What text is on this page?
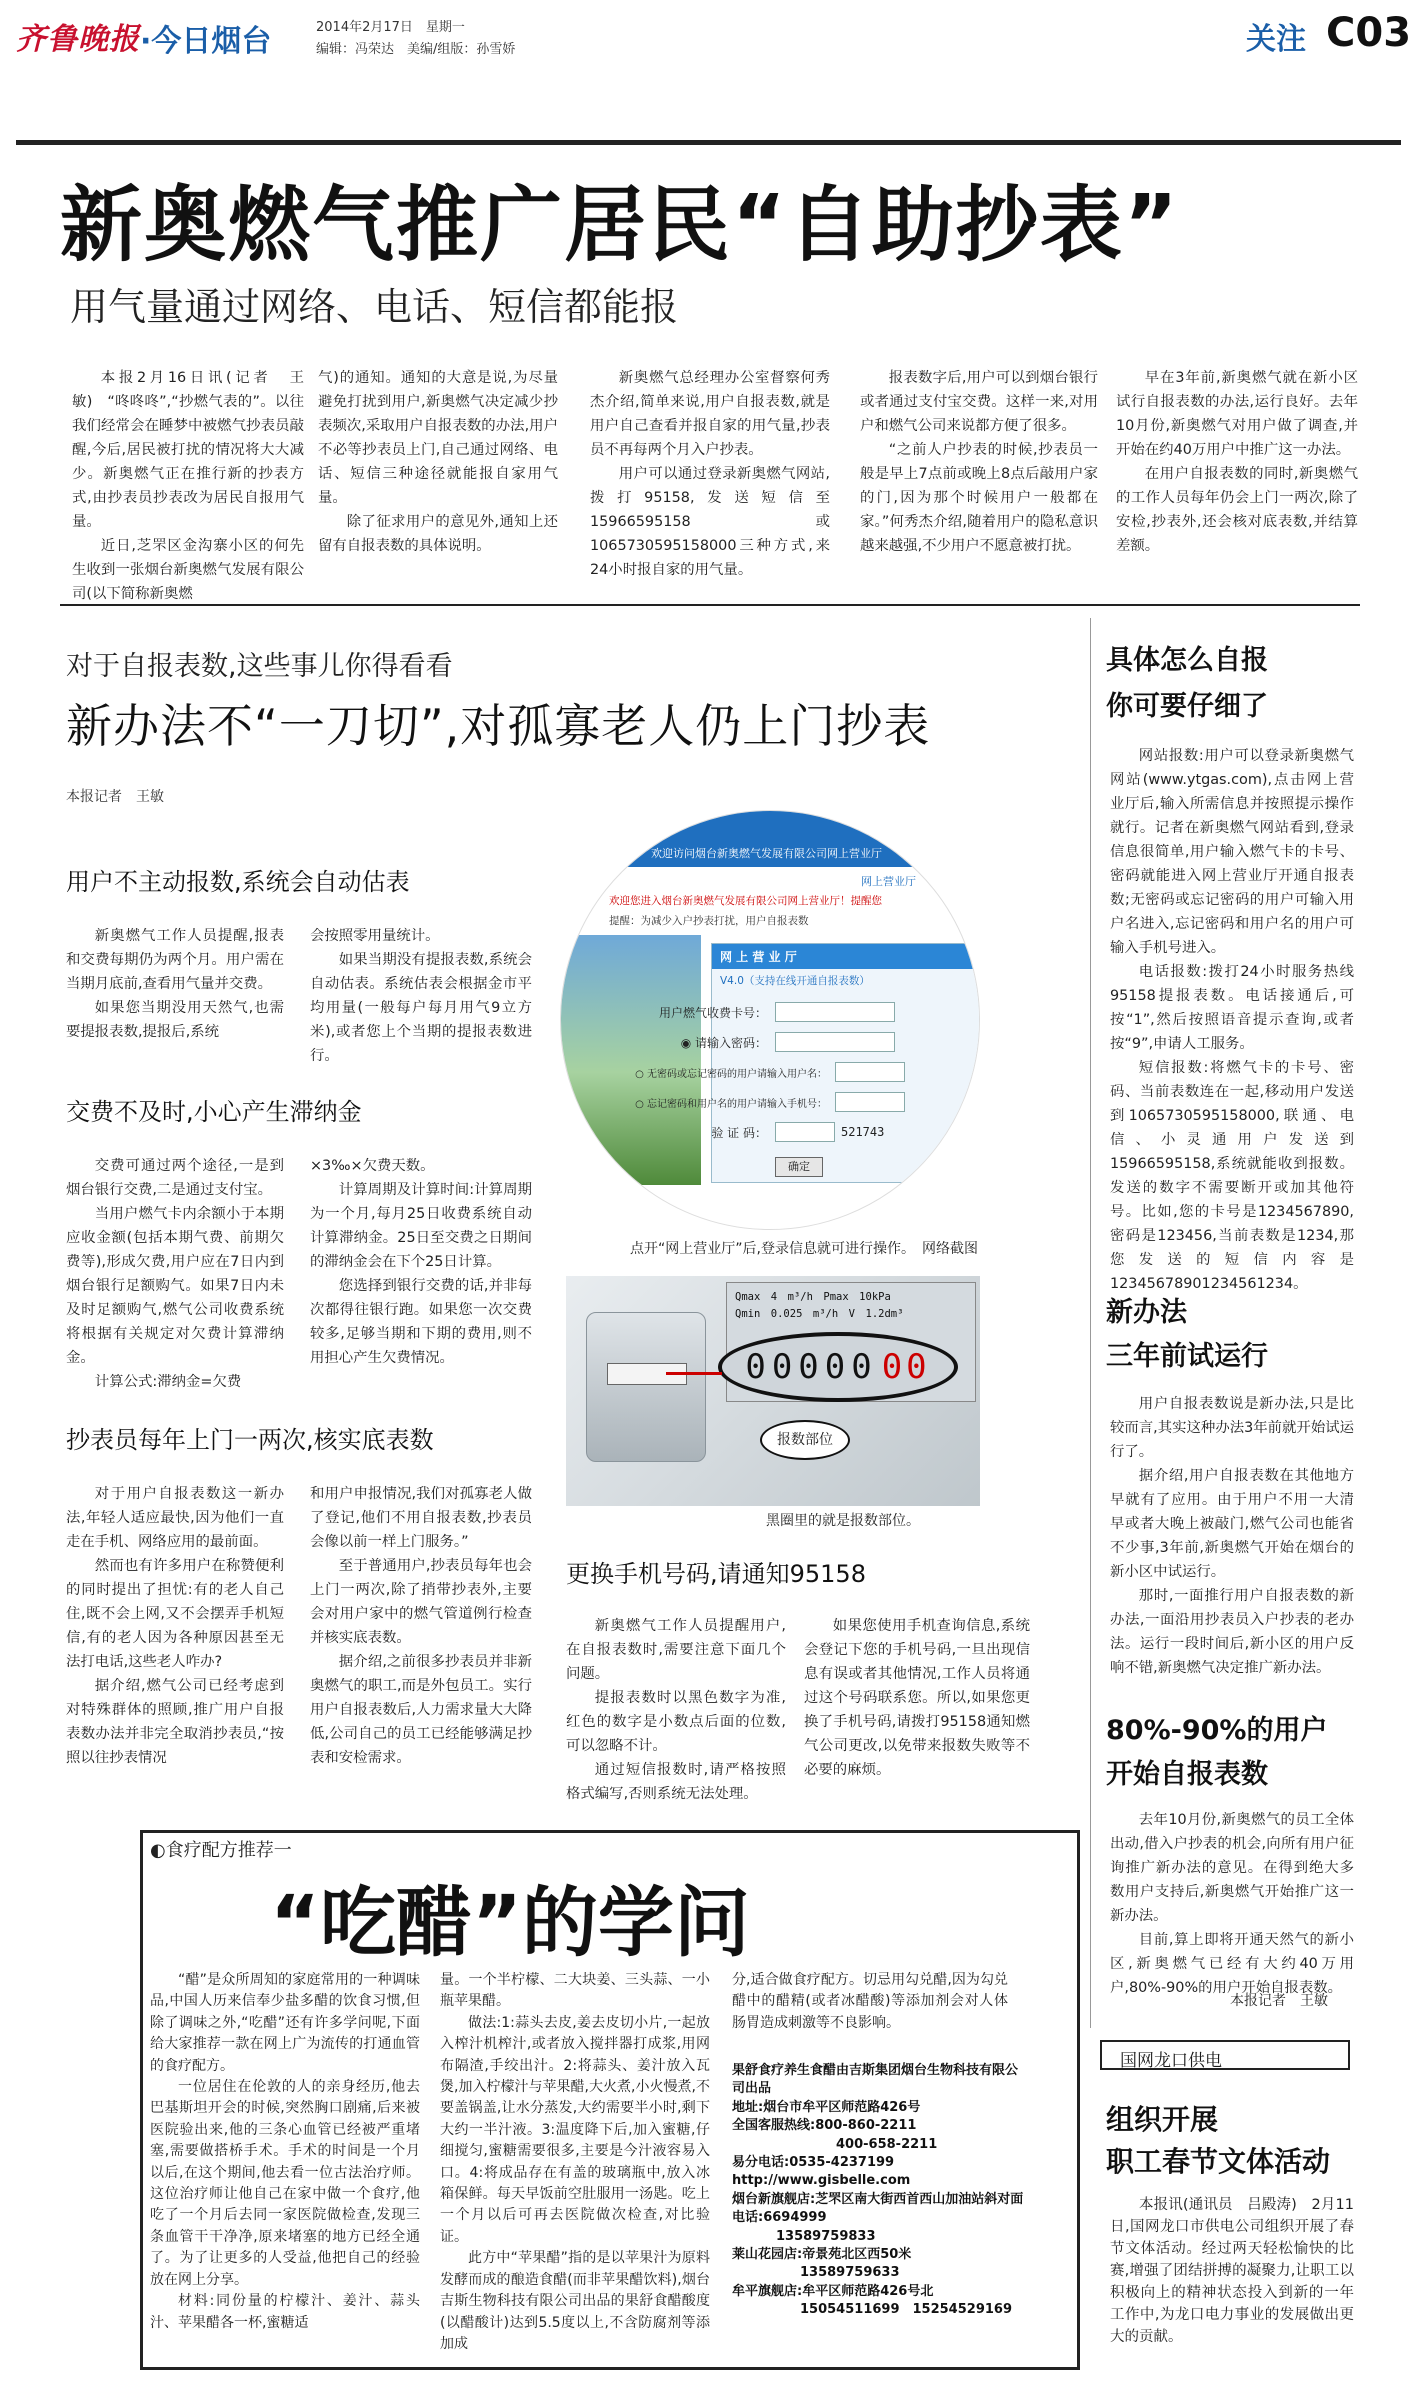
齐鲁晚报 ·今日烟台	2014年2月17日　星期一
编辑：冯荣达　美编/组版：孙雪娇	关注 C03
新奥燃气推广居民“自助抄表”
用气量通过网络、电话、短信都能报

本报2月16日讯(记者　王敏)　“咚咚咚”,“抄燃气表的”。以往我们经常会在睡梦中被燃气抄表员敲醒,今后,居民被打扰的情况将大大减少。新奥燃气正在推行新的抄表方式,由抄表员抄表改为居民自报用气量。

近日,芝罘区金沟寨小区的何先生收到一张烟台新奥燃气发展有限公司(以下简称新奥燃

气)的通知。通知的大意是说,为尽量避免打扰到用户,新奥燃气决定减少抄表频次,采取用户自报表数的办法,用户不必等抄表员上门,自己通过网络、电话、短信三种途径就能报自家用气量。

除了征求用户的意见外,通知上还留有自报表数的具体说明。

新奥燃气总经理办公室督察何秀杰介绍,简单来说,用户自报表数,就是用户自己查看并报自家的用气量,抄表员不再每两个月入户抄表。

用户可以通过登录新奥燃气网站,拨打95158,发送短信至15966595158或1065730595158000三种方式,来24小时报自家的用气量。

报表数字后,用户可以到烟台银行或者通过支付宝交费。这样一来,对用户和燃气公司来说都方便了很多。

“之前人户抄表的时候,抄表员一般是早上7点前或晚上8点后敲用户家的门,因为那个时候用户一般都在家。”何秀杰介绍,随着用户的隐私意识越来越强,不少用户不愿意被打扰。

早在3年前,新奥燃气就在新小区试行自报表数的办法,运行良好。去年10月份,新奥燃气对用户做了调查,并开始在约40万用户中推广这一办法。

在用户自报表数的同时,新奥燃气的工作人员每年仍会上门一两次,除了安检,抄表外,还会核对底表数,并结算差额。

对于自报表数,这些事儿你得看看
新办法不“一刀切”,对孤寡老人仍上门抄表
本报记者　王敏
用户不主动报数,系统会自动估表

新奥燃气工作人员提醒,报表和交费每期仍为两个月。用户需在当期月底前,查看用气量并交费。

如果您当期没用天然气,也需要提报表数,提报后,系统

会按照零用量统计。

如果当期没有提报表数,系统会自动估表。系统估表会根据金市平均用量(一般每户每月用气9立方米),或者您上个当期的提报表数进行。

交费不及时,小心产生滞纳金

交费可通过两个途径,一是到烟台银行交费,二是通过支付宝。

当用户燃气卡内余额小于本期应收金额(包括本期气费、前期欠费等),形成欠费,用户应在7日内到烟台银行足额购气。如果7日内未及时足额购气,燃气公司收费系统将根据有关规定对欠费计算滞纳金。

计算公式:滞纳金=欠费

×3‰×欠费天数。

计算周期及计算时间:计算周期为一个月,每月25日收费系统自动计算滞纳金。25日至交费之日期间的滞纳金会在下个25日计算。

您选择到银行交费的话,并非每次都得往银行跑。如果您一次交费较多,足够当期和下期的费用,则不用担心产生欠费情况。

抄表员每年上门一两次,核实底表数

对于用户自报表数这一新办法,年轻人适应最快,因为他们一直走在手机、网络应用的最前面。

然而也有许多用户在称赞便利的同时提出了担忧:有的老人自己住,既不会上网,又不会摆弄手机短信,有的老人因为各种原因甚至无法打电话,这些老人咋办?

据介绍,燃气公司已经考虑到对特殊群体的照顾,推广用户自报表数办法并非完全取消抄表员,“按照以往抄表情况

和用户申报情况,我们对孤寡老人做了登记,他们不用自报表数,抄表员会像以前一样上门服务。”

至于普通用户,抄表员每年也会上门一两次,除了捎带抄表外,主要会对用户家中的燃气管道例行检查并核实底表数。

据介绍,之前很多抄表员并非新奥燃气的职工,而是外包员工。实行用户自报表数后,人力需求量大大降低,公司自己的员工已经能够满足抄表和安检需求。

欢迎访问烟台新奥燃气发展有限公司网上营业厅
网上营业厅
欢迎您进入烟台新奥燃气发展有限公司网上营业厅！提醒您
提醒：为减少入户抄表打扰，用户自报表数
网 上 营 业 厅
V4.0（支持在线开通自报表数）
用户燃气收费卡号：
◉ 请输入密码：
○ 无密码或忘记密码的用户请输入用户名：
○ 忘记密码和用户名的用户请输入手机号：
验 证 码：	521743
确定
点开“网上营业厅”后,登录信息就可进行操作。　网络截图
Qmax　4　m³/h　Pmax　10kPa
Qmin　0.025　m³/h　V　1.2dm³
00000 00
报数部位
黑圈里的就是报数部位。
更换手机号码,请通知95158

新奥燃气工作人员提醒用户,在自报表数时,需要注意下面几个问题。

提报表数时以黑色数字为准,红色的数字是小数点后面的位数,可以忽略不计。

通过短信报数时,请严格按照格式编写,否则系统无法处理。

如果您使用手机查询信息,系统会登记下您的手机号码,一旦出现信息有误或者其他情况,工作人员将通过这个号码联系您。所以,如果您更换了手机号码,请拨打95158通知燃气公司更改,以免带来报数失败等不必要的麻烦。

具体怎么自报
你可要仔细了

网站报数:用户可以登录新奥燃气网站(www.ytgas.com),点击网上营业厅后,输入所需信息并按照提示操作就行。记者在新奥燃气网站看到,登录信息很简单,用户输入燃气卡的卡号、密码就能进入网上营业厅开通自报表数;无密码或忘记密码的用户可输入用户名进入,忘记密码和用户名的用户可输入手机号进入。

电话报数:拨打24小时服务热线95158提报表数。电话接通后,可按“1”,然后按照语音提示查询,或者按“9”,申请人工服务。

短信报数:将燃气卡的卡号、密码、当前表数连在一起,移动用户发送到1065730595158000,联通、电信、小灵通用户发送到15966595158,系统就能收到报数。发送的数字不需要断开或加其他符号。比如,您的卡号是1234567890,密码是123456,当前表数是1234,那您发送的短信内容是12345678901234561234。

新办法
三年前试运行

用户自报表数说是新办法,只是比较而言,其实这种办法3年前就开始试运行了。

据介绍,用户自报表数在其他地方早就有了应用。由于用户不用一大清早或者大晚上被敲门,燃气公司也能省不少事,3年前,新奥燃气开始在烟台的新小区中试运行。

那时,一面推行用户自报表数的新办法,一面沿用抄表员入户抄表的老办法。运行一段时间后,新小区的用户反响不错,新奥燃气决定推广新办法。

80%-90%的用户
开始自报表数

去年10月份,新奥燃气的员工全体出动,借入户抄表的机会,向所有用户征询推广新办法的意见。在得到绝大多数用户支持后,新奥燃气开始推广这一新办法。

目前,算上即将开通天然气的新小区,新奥燃气已经有大约40万用户,80%-90%的用户开始自报表数。

本报记者　王敏
◐食疗配方推荐一
“吃醋”的学问

“醋”是众所周知的家庭常用的一种调味品,中国人历来信奉少盐多醋的饮食习惯,但除了调味之外,“吃醋”还有许多学问呢,下面给大家推荐一款在网上广为流传的打通血管的食疗配方。

一位居住在伦敦的人的亲身经历,他去巴基斯坦开会的时候,突然胸口剧痛,后来被医院验出来,他的三条心血管已经被严重堵塞,需要做搭桥手术。手术的时间是一个月以后,在这个期间,他去看一位古法治疗师。这位治疗师让他自己在家中做一个食疗,他吃了一个月后去同一家医院做检查,发现三条血管干干净净,原来堵塞的地方已经全通了。为了让更多的人受益,他把自己的经验放在网上分享。

材料:同份量的柠檬汁、姜汁、蒜头汁、苹果醋各一杯,蜜糖适

量。一个半柠檬、二大块姜、三头蒜、一小瓶苹果醋。

做法:1:蒜头去皮,姜去皮切小片,一起放入榨汁机榨汁,或者放入搅拌器打成浆,用网布隔渣,手绞出汁。2:将蒜头、姜汁放入瓦煲,加入柠檬汁与苹果醋,大火煮,小火慢煮,不要盖锅盖,让水分蒸发,大约需要半小时,剩下大约一半汁液。3:温度降下后,加入蜜糖,仔细搅匀,蜜糖需要很多,主要是今汁液容易入口。4:将成品存在有盖的玻璃瓶中,放入冰箱保鲜。每天早饭前空肚服用一汤匙。吃上一个月以后可再去医院做次检查,对比验证。

此方中“苹果醋”指的是以苹果汁为原料发酵而成的酿造食醋(而非苹果醋饮料),烟台吉斯生物科技有限公司出品的果舒食醋酸度(以醋酸计)达到5.5度以上,不含防腐剂等添加成

分,适合做食疗配方。切忌用勾兑醋,因为勾兑醋中的醋精(或者冰醋酸)等添加剂会对人体肠胃造成刺激等不良影响。

果舒食疗养生食醋由吉斯集团烟台生物科技有限公司出品
地址:烟台市牟平区师范路426号
全国客服热线:800-860-2211
400-658-2211
易分电话:0535-4237199
http://www.gisbelle.com
烟台新旗舰店:芝罘区南大街西首西山加油站斜对面
电话:6694999
13589759833
莱山花园店:帝景苑北区西50米
13589759633
牟平旗舰店:牟平区师范路426号北
15054511699　15254529169
国网龙口供电
组织开展
职工春节文体活动

本报讯(通讯员　吕殿涛)　2月11日,国网龙口市供电公司组织开展了春节文体活动。经过两天轻松愉快的比赛,增强了团结拼搏的凝聚力,让职工以积极向上的精神状态投入到新的一年工作中,为龙口电力事业的发展做出更大的贡献。
